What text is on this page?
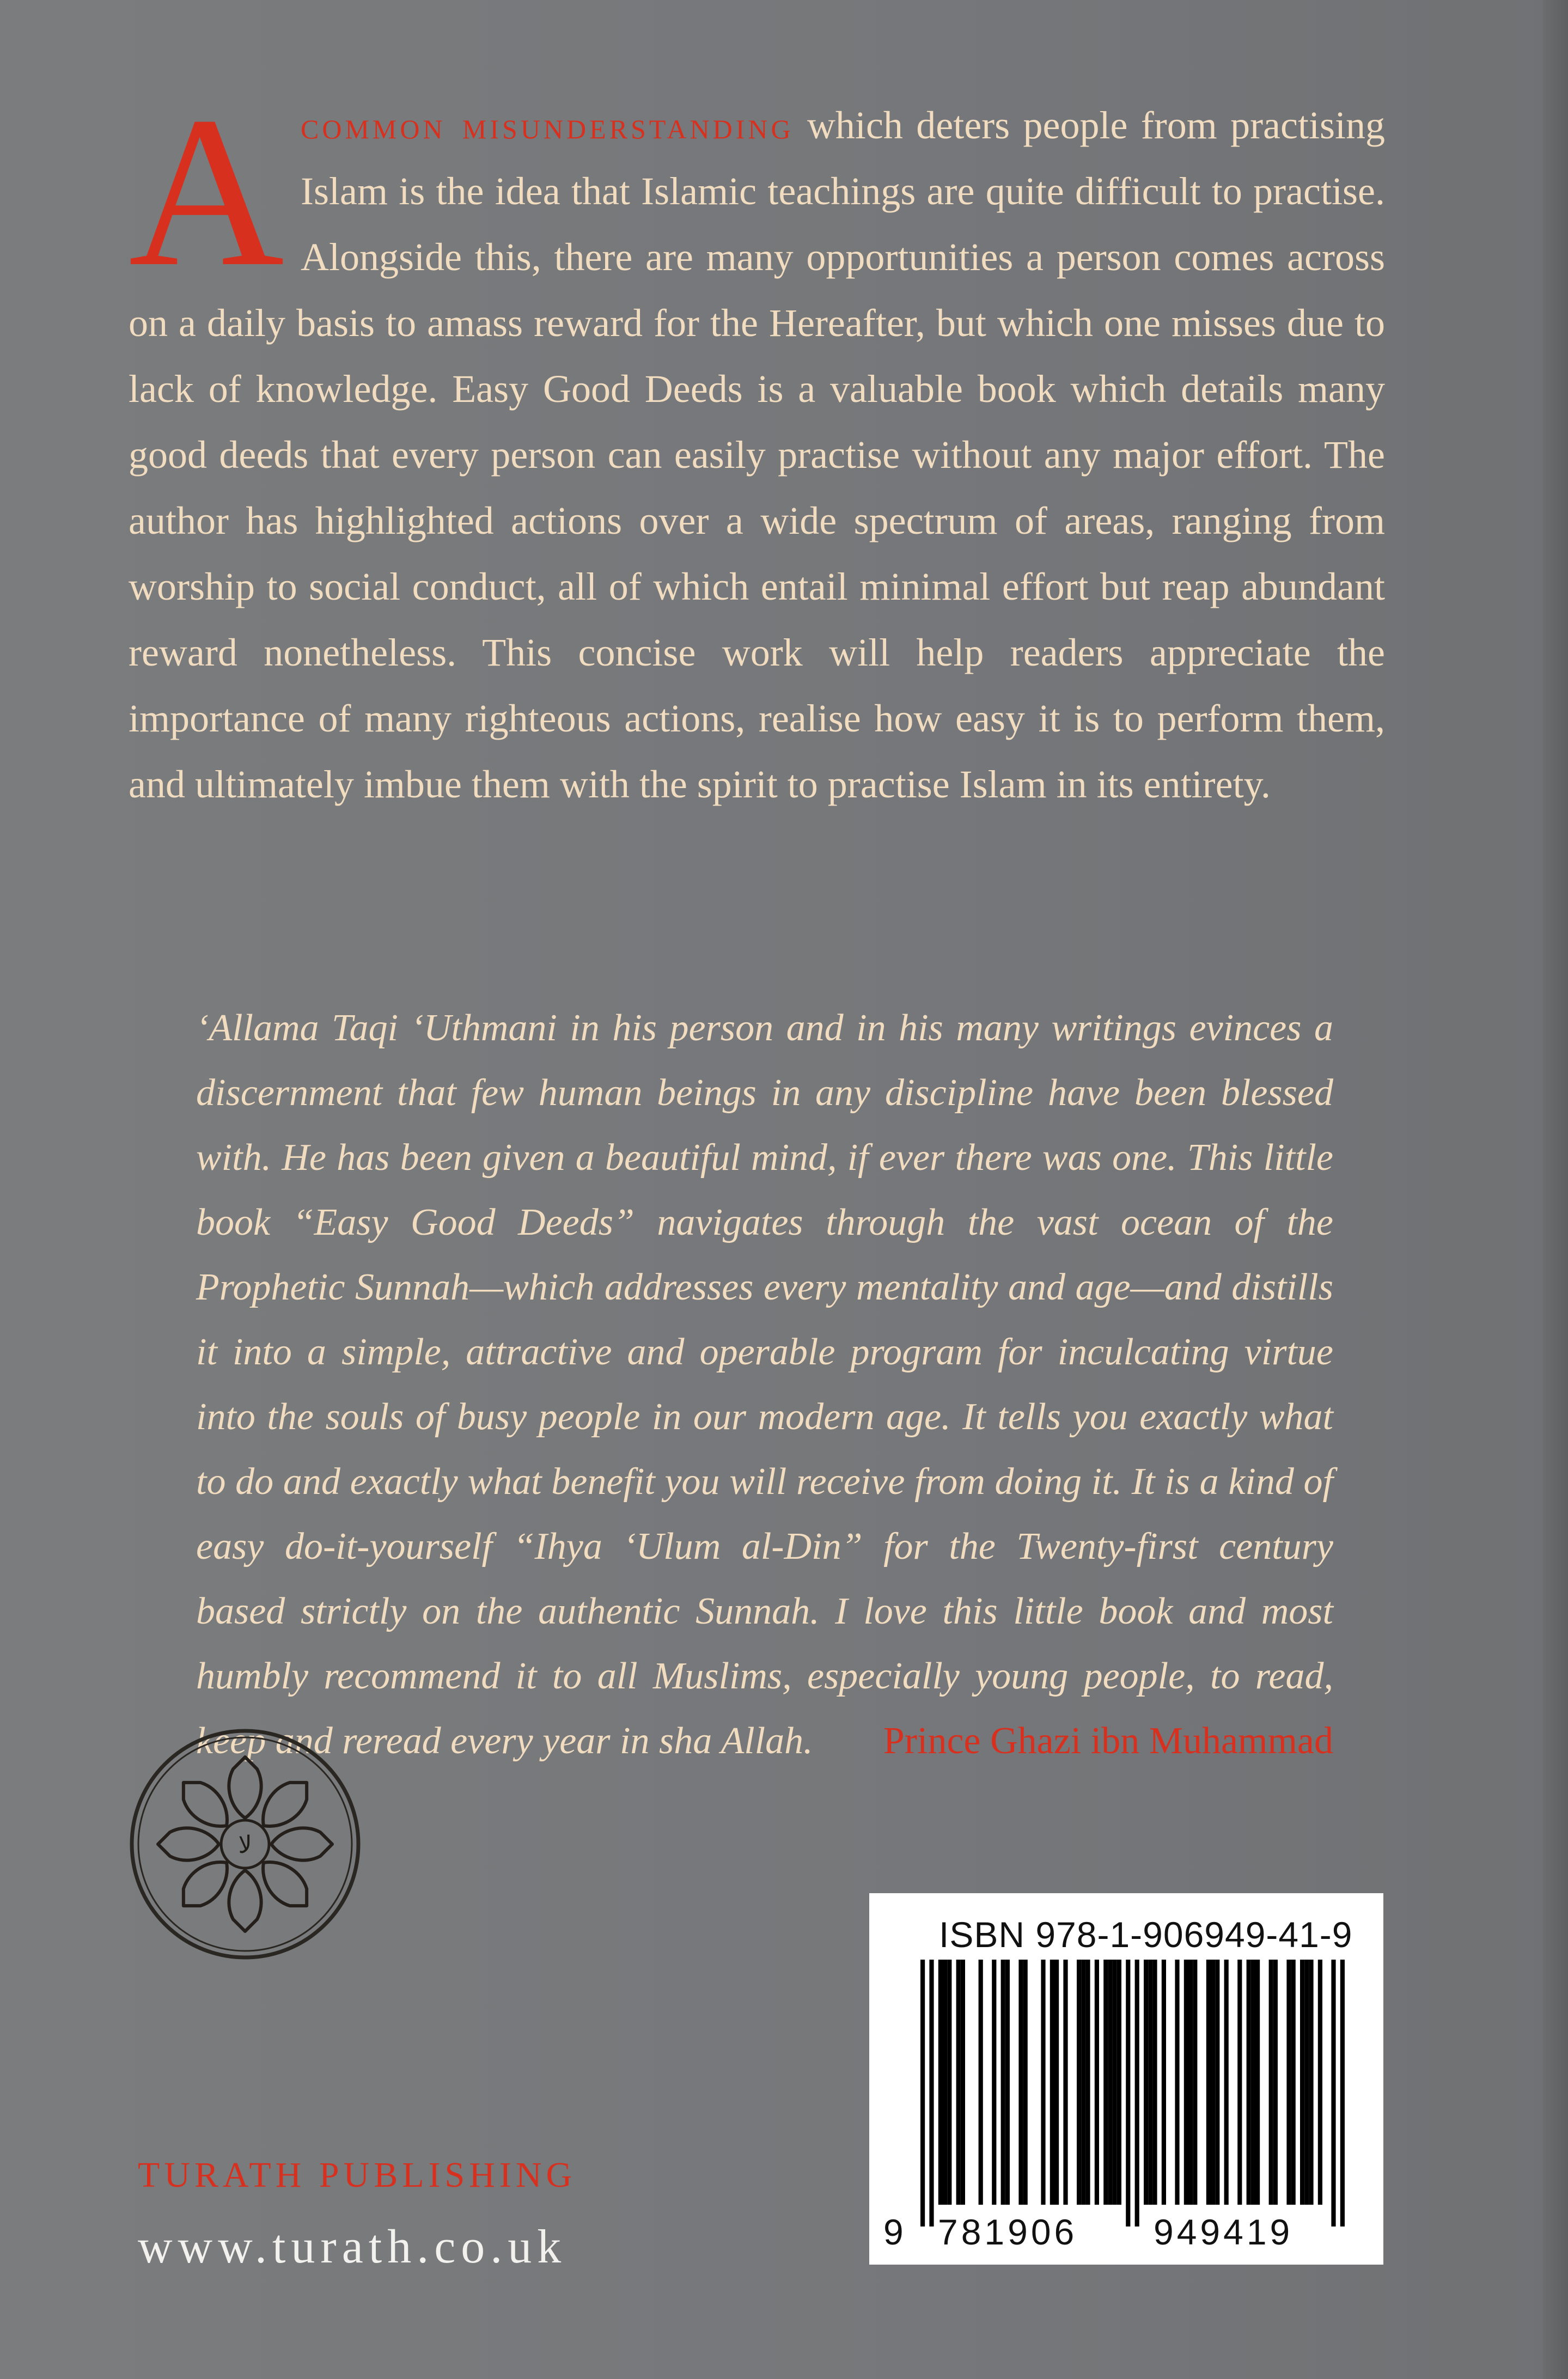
Acommon misunderstanding which deters people from practising Islam is the idea that Islamic teachings are quite difficult to practise. Alongside this, there are many opportunities a person comes across on a daily basis to amass reward for the Hereafter, but which one misses due to lack of knowledge. Easy Good Deeds is a valuable book which details many good deeds that every person can easily practise without any major effort. The author has highlighted actions over a wide spectrum of areas, ranging from worship to social conduct, all of which entail minimal effort but reap abundant reward nonetheless. This concise work will help readers appreciate the importance of many righteous actions, realise how easy it is to perform them, and ultimately imbue them with the spirit to practise Islam in its entirety.
‘Allama Taqi ‘Uthmani in his person and in his many writings evinces a discernment that few human beings in any discipline have been blessed with. He has been given a beautiful mind, if ever there was one. This little book “Easy Good Deeds” navigates through the vast ocean of the Prophetic Sunnah—which addresses every mentality and age—and distills it into a simple, attractive and operable program for inculcating virtue into the souls of busy people in our modern age. It tells you exactly what to do and exactly what benefit you will receive from doing it. It is a kind of easy do-it-yourself “Ihya ‘Ulum al-Din” for the Twenty-first century based strictly on the authentic Sunnah. I love this little book and most humbly recommend it to all Muslims, especially young people, to read, keep and reread every year in sha Allah. Prince Ghazi ibn Muhammad
لا
TURATH PUBLISHING
www.turath.co.uk
ISBN 978-1-906949-41-9
9 781906 949419
